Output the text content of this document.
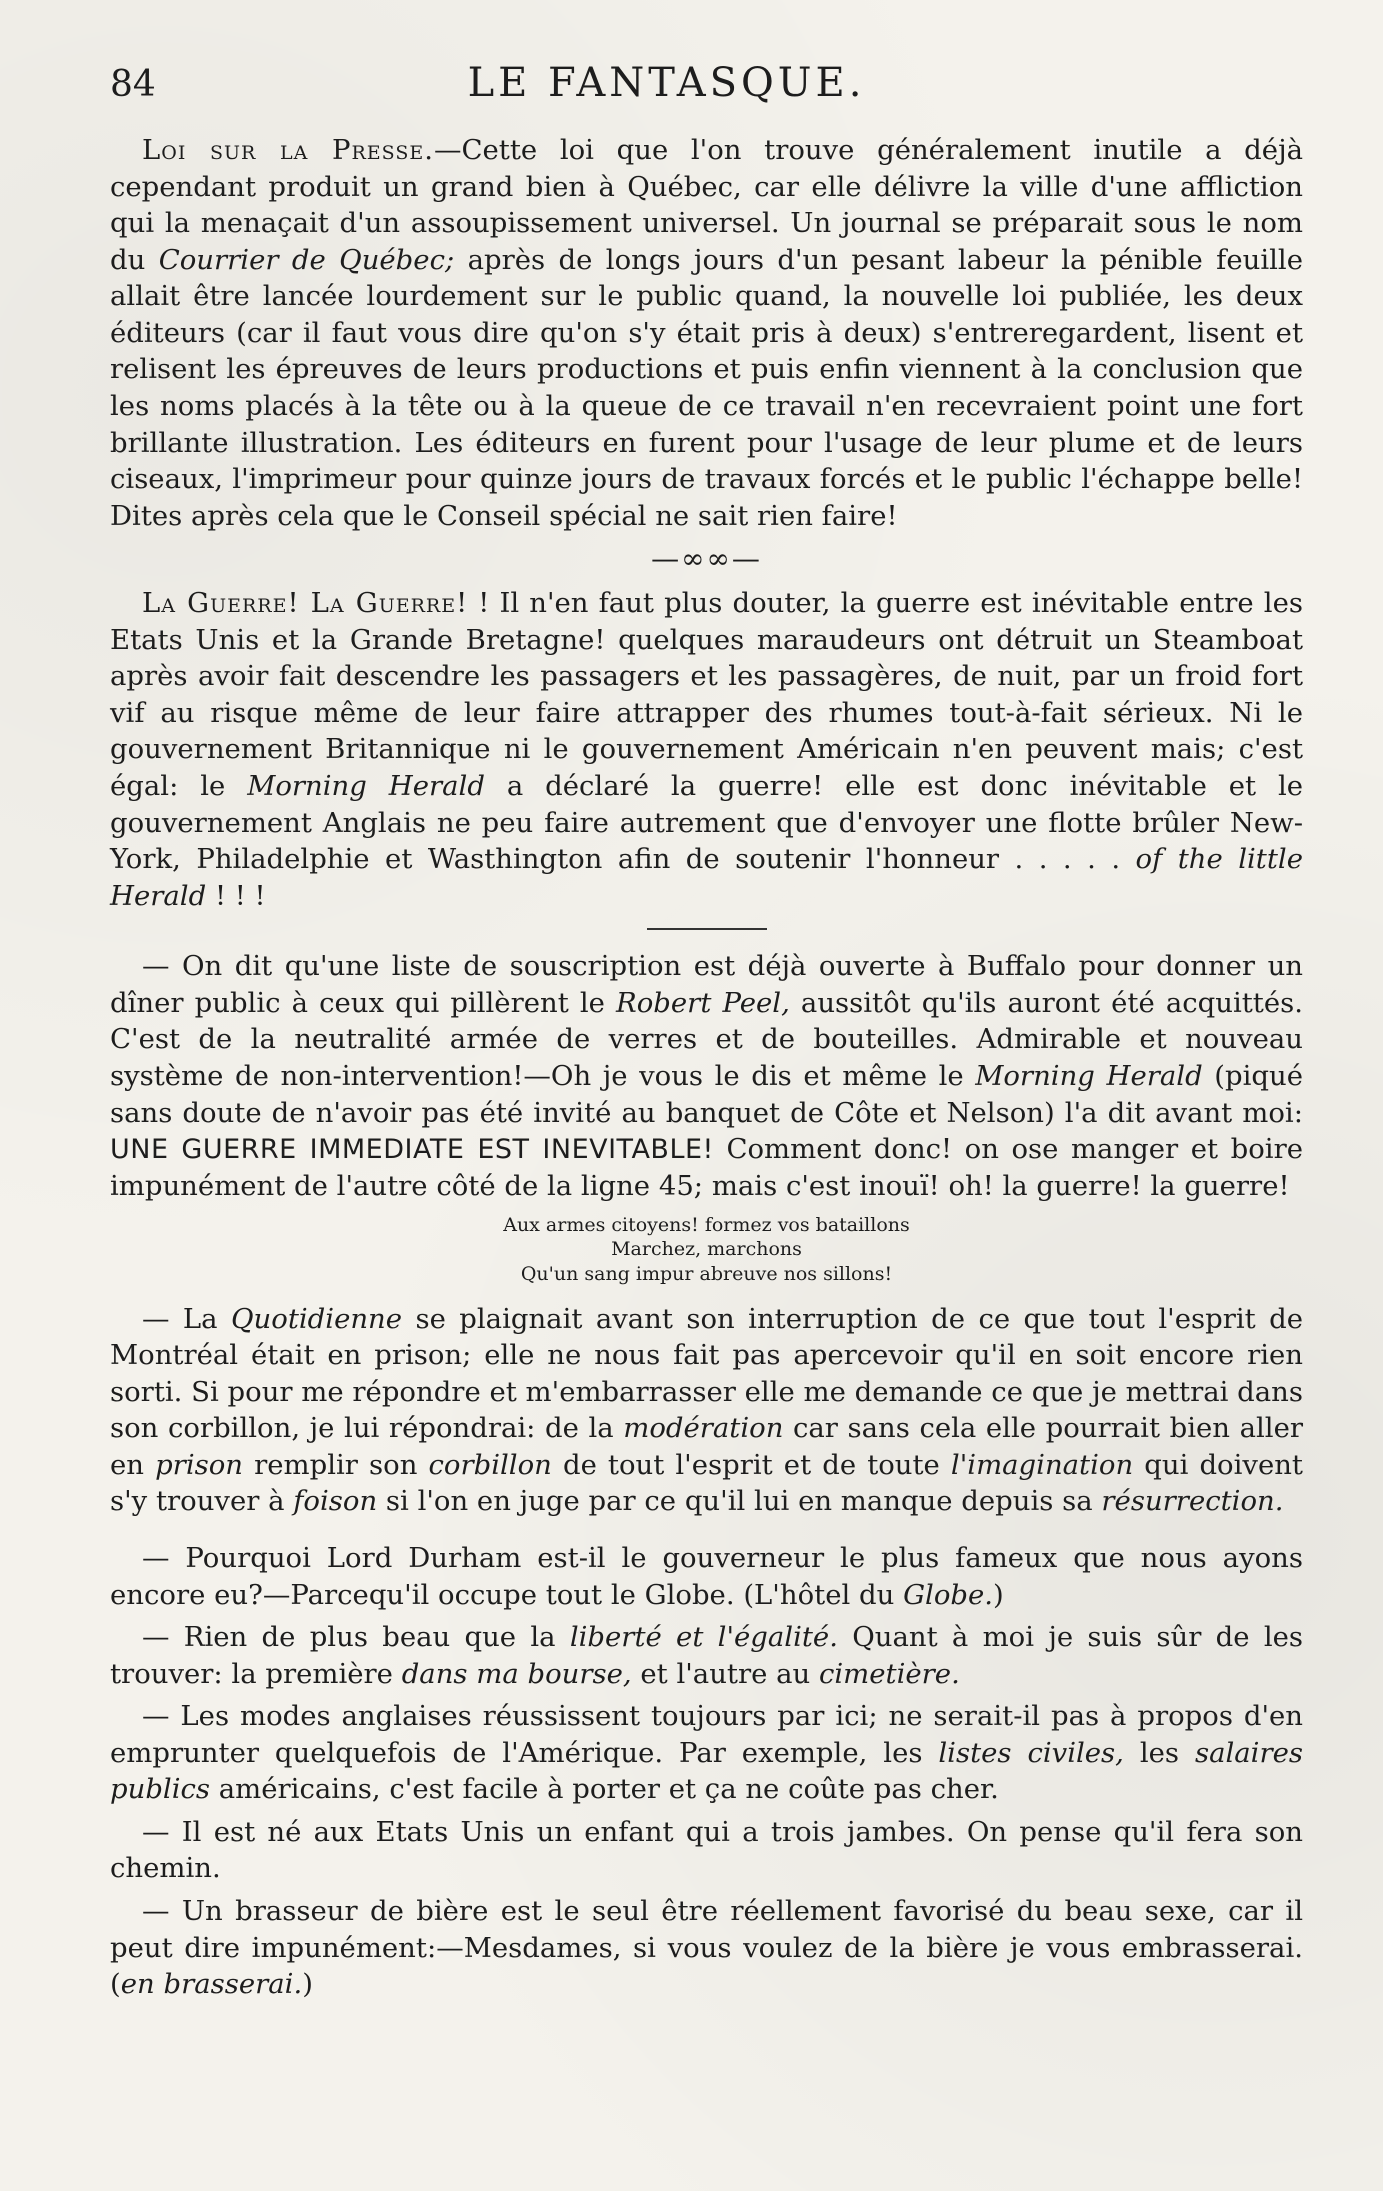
84	LE FANTASQUE.

Loi sur la Presse.—Cette loi que l'on trouve généralement inutile a déjà cependant produit un grand bien à Québec, car elle délivre la ville d'une affliction qui la menaçait d'un assoupissement universel. Un journal se préparait sous le nom du Courrier de Québec; après de longs jours d'un pesant labeur la pénible feuille allait être lancée lourdement sur le public quand, la nouvelle loi publiée, les deux éditeurs (car il faut vous dire qu'on s'y était pris à deux) s'entreregardent, lisent et relisent les épreuves de leurs productions et puis enfin viennent à la conclusion que les noms placés à la tête ou à la queue de ce travail n'en recevraient point une fort brillante illustration. Les éditeurs en furent pour l'usage de leur plume et de leurs ciseaux, l'imprimeur pour quinze jours de travaux forcés et le public l'échappe belle! Dites après cela que le Conseil spécial ne sait rien faire!

—∞∞—

La Guerre! La Guerre! ! Il n'en faut plus douter, la guerre est inévitable entre les Etats Unis et la Grande Bretagne! quelques maraudeurs ont détruit un Steamboat après avoir fait descendre les passagers et les passagères, de nuit, par un froid fort vif au risque même de leur faire attrapper des rhumes tout-à-fait sérieux. Ni le gouvernement Britannique ni le gouvernement Américain n'en peuvent mais; c'est égal: le Morning Herald a déclaré la guerre! elle est donc inévitable et le gouvernement Anglais ne peu faire autrement que d'envoyer une flotte brûler New-York, Philadelphie et Wasthington afin de soutenir l'honneur . . . . . of the little Herald ! ! !

— On dit qu'une liste de souscription est déjà ouverte à Buffalo pour donner un dîner public à ceux qui pillèrent le Robert Peel, aussitôt qu'ils auront été acquittés. C'est de la neutralité armée de verres et de bouteilles. Admirable et nouveau système de non-intervention!—Oh je vous le dis et même le Morning Herald (piqué sans doute de n'avoir pas été invité au banquet de Côte et Nelson) l'a dit avant moi: UNE GUERRE IMMEDIATE EST INEVITABLE! Comment donc! on ose manger et boire impunément de l'autre côté de la ligne 45; mais c'est inouï! oh! la guerre! la guerre!

Aux armes citoyens! formez vos bataillons
Marchez, marchons
Qu'un sang impur abreuve nos sillons!

— La Quotidienne se plaignait avant son interruption de ce que tout l'esprit de Montréal était en prison; elle ne nous fait pas apercevoir qu'il en soit encore rien sorti. Si pour me répondre et m'embarrasser elle me demande ce que je mettrai dans son corbillon, je lui répondrai: de la modération car sans cela elle pourrait bien aller en prison remplir son corbillon de tout l'esprit et de toute l'imagination qui doivent s'y trouver à foison si l'on en juge par ce qu'il lui en manque depuis sa résurrection.

— Pourquoi Lord Durham est-il le gouverneur le plus fameux que nous ayons encore eu?—Parcequ'il occupe tout le Globe. (L'hôtel du Globe.)

— Rien de plus beau que la liberté et l'égalité. Quant à moi je suis sûr de les trouver: la première dans ma bourse, et l'autre au cimetière.

— Les modes anglaises réussissent toujours par ici; ne serait-il pas à propos d'en emprunter quelquefois de l'Amérique. Par exemple, les listes civiles, les salaires publics américains, c'est facile à porter et ça ne coûte pas cher.

— Il est né aux Etats Unis un enfant qui a trois jambes. On pense qu'il fera son chemin.

— Un brasseur de bière est le seul être réellement favorisé du beau sexe, car il peut dire impunément:—Mesdames, si vous voulez de la bière je vous embrasserai. (en brasserai.)
